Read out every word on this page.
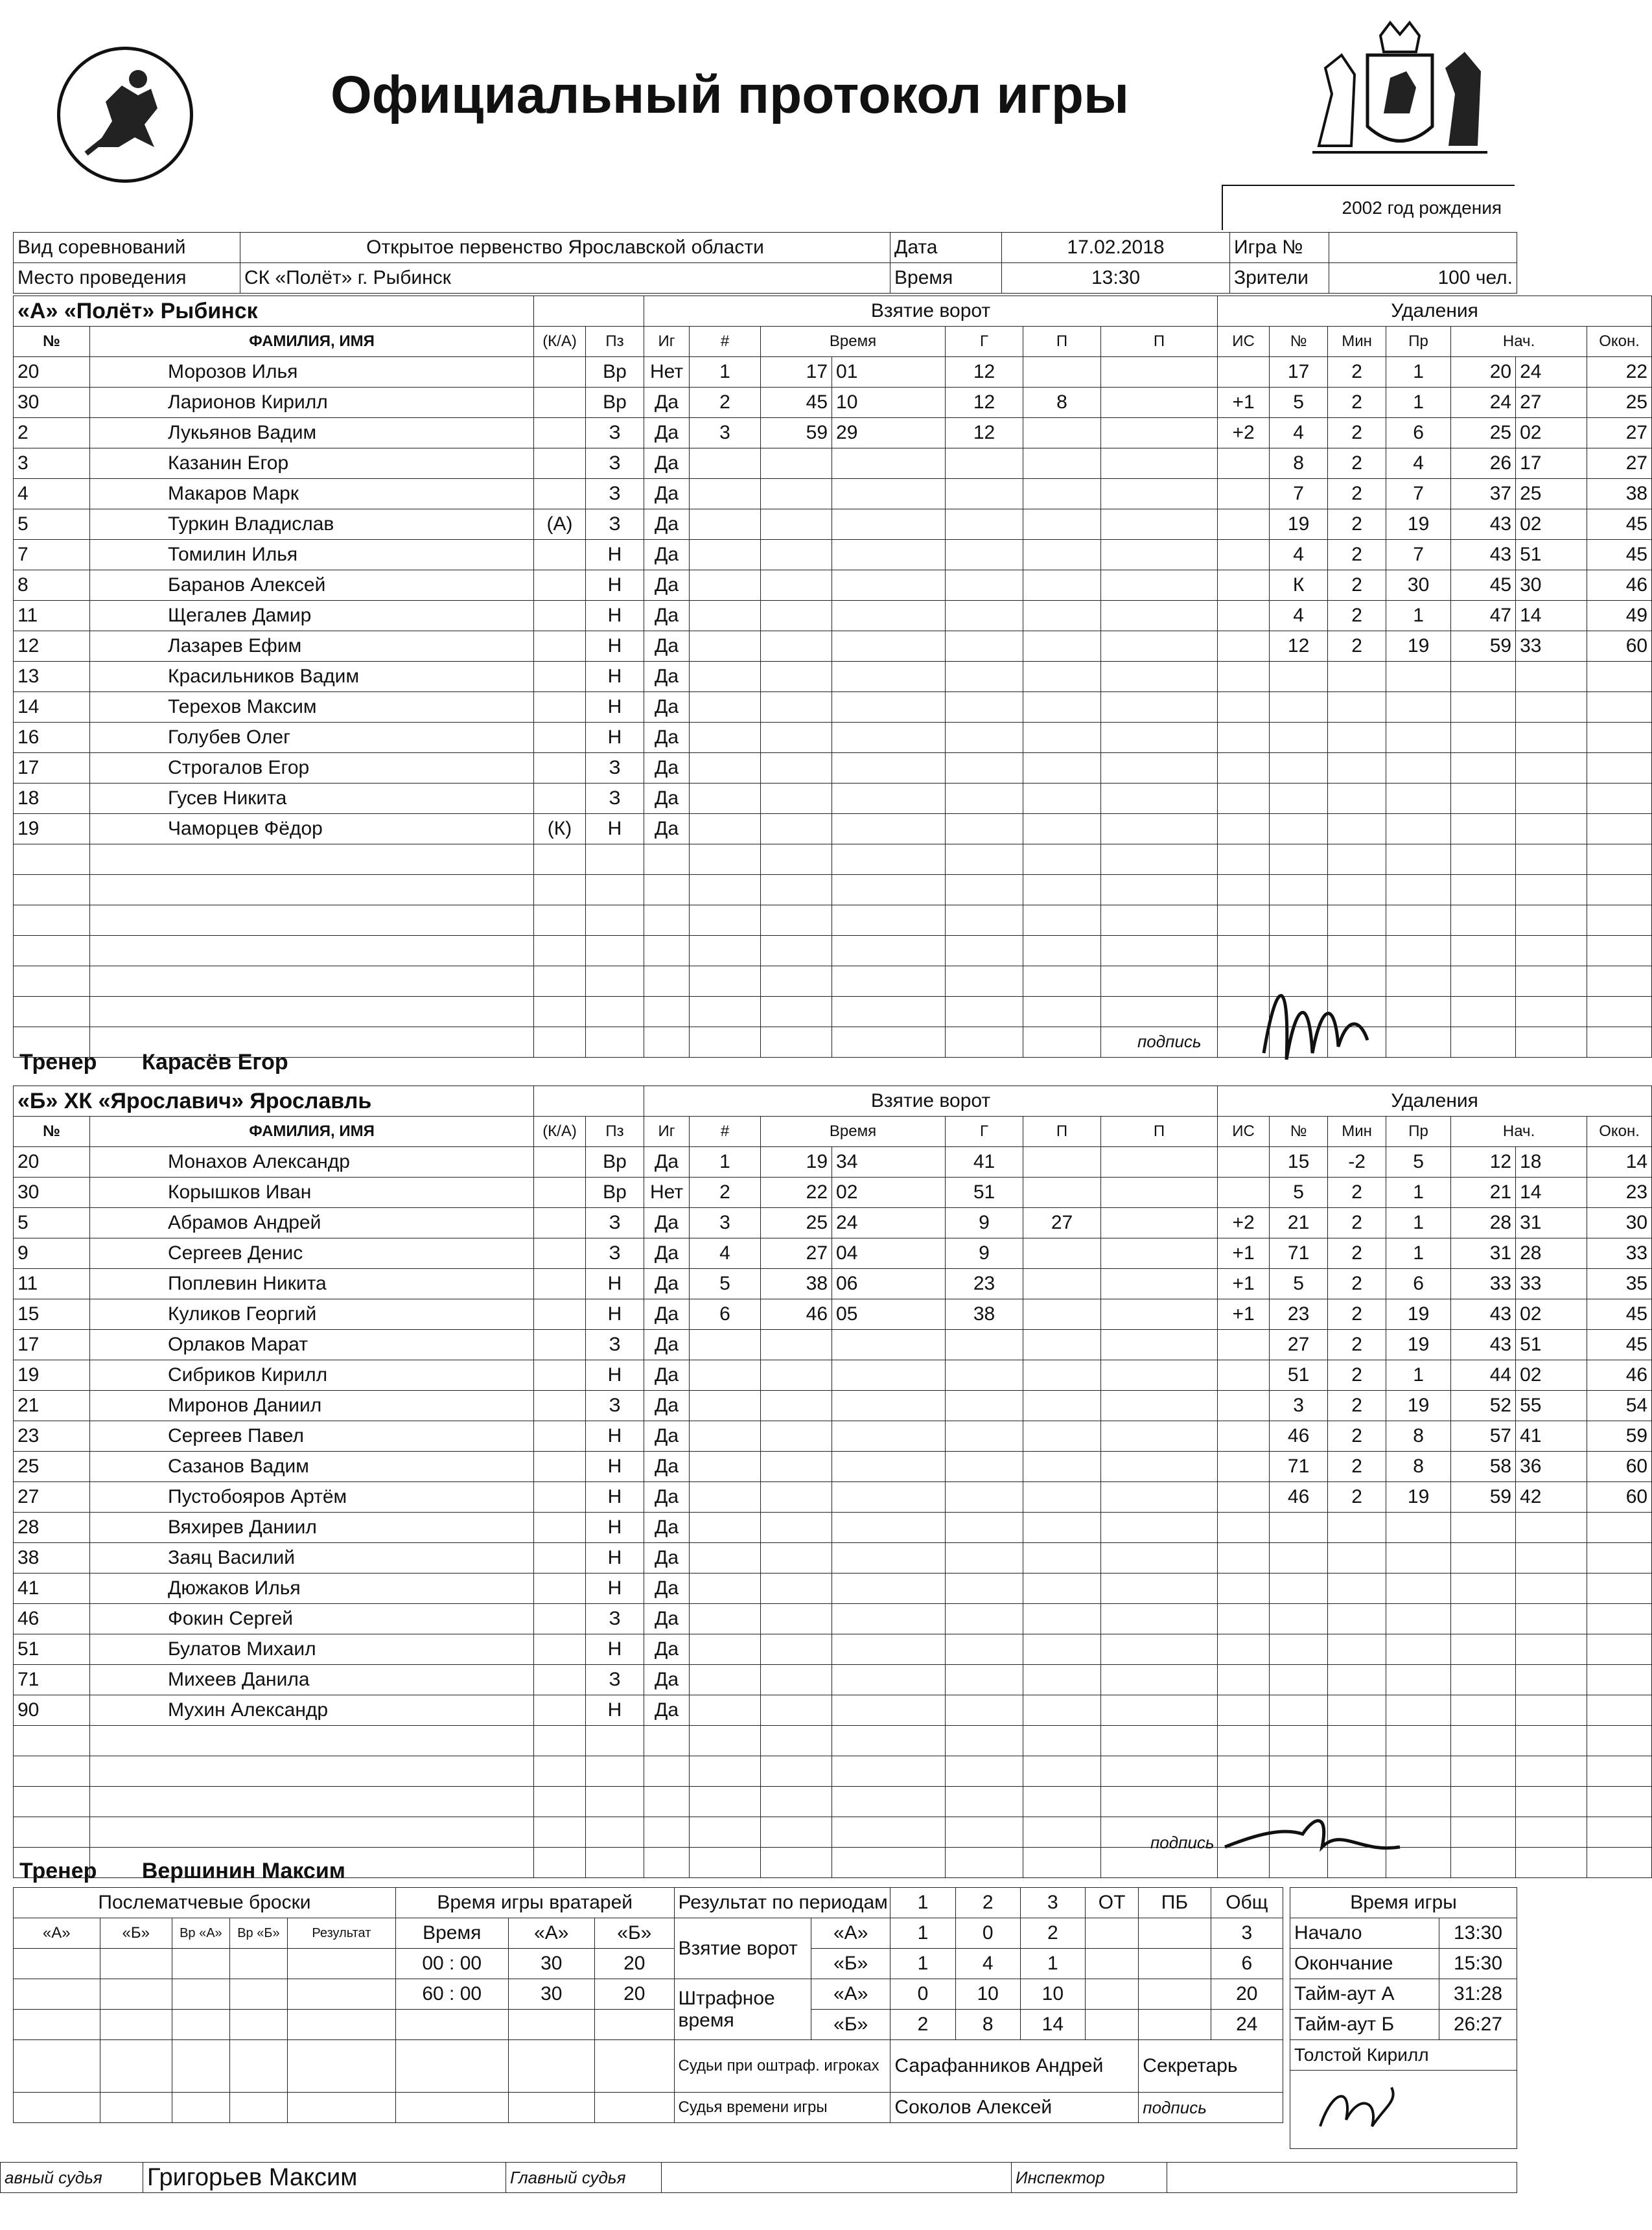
Официальный протокол игры
2002 год рождения
Вид соревнований	Открытое первенство Ярославской области	Дата	17.02.2018	Игра №	
Место проведения	СК «Полёт» г. Рыбинск	Время	13:30	Зрители	100 чел.
«А» «Полёт» Рыбинск				Взятие ворот							Удаления							
№	ФАМИЛИЯ, ИМЯ	(К/А)	Пз	Иг	#	Время		Г	П	П	ИС	№	Мин	Пр	Нач.		Окон.	
20	Морозов Илья		Вр	Нет	1	17	01	12				17	2	1	20	24	22	
30	Ларионов Кирилл		Вр	Да	2	45	10	12	8		+1	5	2	1	24	27	25	
2	Лукьянов Вадим		З	Да	3	59	29	12			+2	4	2	6	25	02	27	
3	Казанин Егор		З	Да								8	2	4	26	17	27	
4	Макаров Марк		З	Да								7	2	7	37	25	38	
5	Туркин Владислав	(А)	З	Да								19	2	19	43	02	45	
7	Томилин Илья		Н	Да								4	2	7	43	51	45	
8	Баранов Алексей		Н	Да								К	2	30	45	30	46	
11	Щегалев Дамир		Н	Да								4	2	1	47	14	49	
12	Лазарев Ефим		Н	Да								12	2	19	59	33	60	
13	Красильников Вадим		Н	Да														
14	Терехов Максим		Н	Да														
16	Голубев Олег		Н	Да														
17	Строгалов Егор		З	Да														
18	Гусев Никита		З	Да														
19	Чаморцев Фёдор	(К)	Н	Да														

Тренер Карасёв Егор
подпись
«Б» ХК «Ярославич» Ярославль				Взятие ворот							Удаления							
№	ФАМИЛИЯ, ИМЯ	(К/А)	Пз	Иг	#	Время		Г	П	П	ИС	№	Мин	Пр	Нач.		Окон.	
20	Монахов Александр		Вр	Да	1	19	34	41				15	-2	5	12	18	14	
30	Корышков Иван		Вр	Нет	2	22	02	51				5	2	1	21	14	23	
5	Абрамов Андрей		З	Да	3	25	24	9	27		+2	21	2	1	28	31	30	
9	Сергеев Денис		З	Да	4	27	04	9			+1	71	2	1	31	28	33	
11	Поплевин Никита		Н	Да	5	38	06	23			+1	5	2	6	33	33	35	
15	Куликов Георгий		Н	Да	6	46	05	38			+1	23	2	19	43	02	45	
17	Орлаков Марат		З	Да								27	2	19	43	51	45	
19	Сибриков Кирилл		Н	Да								51	2	1	44	02	46	
21	Миронов Даниил		З	Да								3	2	19	52	55	54	
23	Сергеев Павел		Н	Да								46	2	8	57	41	59	
25	Сазанов Вадим		Н	Да								71	2	8	58	36	60	
27	Пустобояров Артём		Н	Да								46	2	19	59	42	60	
28	Вяхирев Даниил		Н	Да														
38	Заяц Василий		Н	Да														
41	Дюжаков Илья		Н	Да														
46	Фокин Сергей		З	Да														
51	Булатов Михаил		Н	Да														
71	Михеев Данила		З	Да														
90	Мухин Александр		Н	Да														

Тренер Вершинин Максим
подпись
Послематчевые броски					Время игры вратарей			Результат по периодам		1	2	3	ОТ	ПБ	Общ
«А»	«Б»	Вр «А»	Вр «Б»	Результат	Время	«А»	«Б»	Взятие ворот	«А»	1	0	2			3
					00 : 00	30	20		«Б»	1	4	1			6
					60 : 00	30	20	Штрафное время	«А»	0	10	10			20
									«Б»	2	8	14			24
								Судьи при оштраф. игроках		Сарафанников Андрей				Секретарь	
								Судья времени игры		Соколов Алексей				подпись	
Время игры	
Начало	13:30
Окончание	15:30
Тайм-аут А	31:28
Тайм-аут Б	26:27
Толстой Кирилл	

авный судья	Григорьев Максим	Главный судья		Инспектор	
